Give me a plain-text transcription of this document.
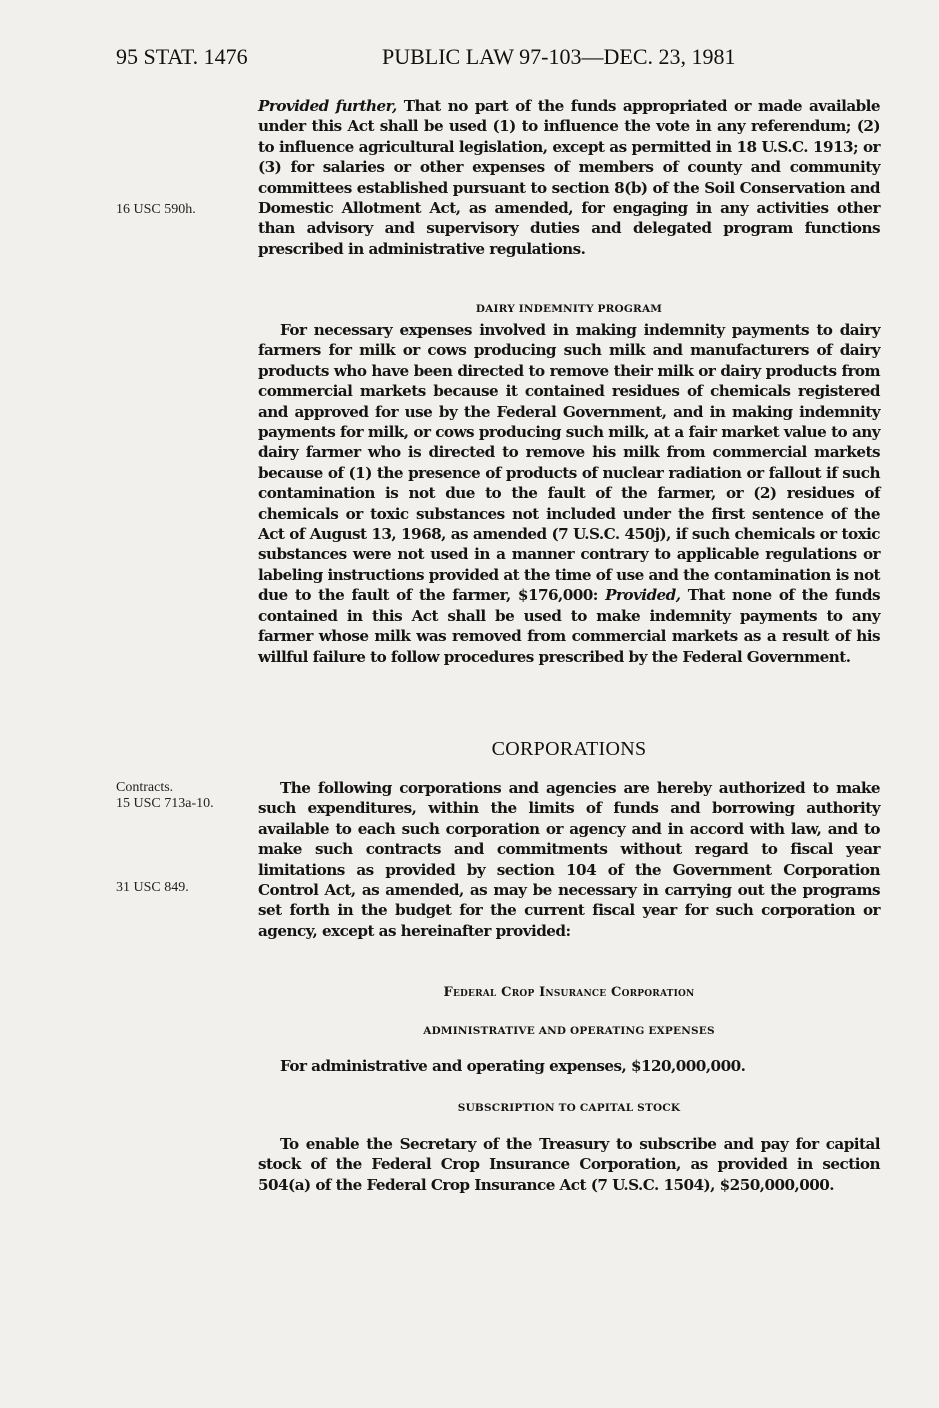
95 STAT. 1476	PUBLIC LAW 97-103—DEC. 23, 1981
16 USC 590h.
Contracts.
15 USC 713a-10.
31 USC 849.

Provided further, That no part of the funds appropriated or made available under this Act shall be used (1) to influence the vote in any referendum; (2) to influence agricultural legislation, except as permitted in 18 U.S.C. 1913; or (3) for salaries or other expenses of members of county and community committees established pursuant to section 8(b) of the Soil Conservation and Domestic Allotment Act, as amended, for engaging in any activities other than advisory and supervisory duties and delegated program functions prescribed in administrative regulations.

DAIRY INDEMNITY PROGRAM

For necessary expenses involved in making indemnity payments to dairy farmers for milk or cows producing such milk and manufacturers of dairy products who have been directed to remove their milk or dairy products from commercial markets because it contained residues of chemicals registered and approved for use by the Federal Government, and in making indemnity payments for milk, or cows producing such milk, at a fair market value to any dairy farmer who is directed to remove his milk from commercial markets because of (1) the presence of products of nuclear radiation or fallout if such contamination is not due to the fault of the farmer, or (2) residues of chemicals or toxic substances not included under the first sentence of the Act of August 13, 1968, as amended (7 U.S.C. 450j), if such chemicals or toxic substances were not used in a manner contrary to applicable regulations or labeling instructions provided at the time of use and the contamination is not due to the fault of the farmer, $176,000: Provided, That none of the funds contained in this Act shall be used to make indemnity payments to any farmer whose milk was removed from commercial markets as a result of his willful failure to follow procedures prescribed by the Federal Government.

CORPORATIONS

The following corporations and agencies are hereby authorized to make such expenditures, within the limits of funds and borrowing authority available to each such corporation or agency and in accord with law, and to make such contracts and commitments without regard to fiscal year limitations as provided by section 104 of the Government Corporation Control Act, as amended, as may be necessary in carrying out the programs set forth in the budget for the current fiscal year for such corporation or agency, except as hereinafter provided:

Federal Crop Insurance Corporation
ADMINISTRATIVE AND OPERATING EXPENSES

For administrative and operating expenses, $120,000,000.

SUBSCRIPTION TO CAPITAL STOCK

To enable the Secretary of the Treasury to subscribe and pay for capital stock of the Federal Crop Insurance Corporation, as provided in section 504(a) of the Federal Crop Insurance Act (7 U.S.C. 1504), $250,000,000.
